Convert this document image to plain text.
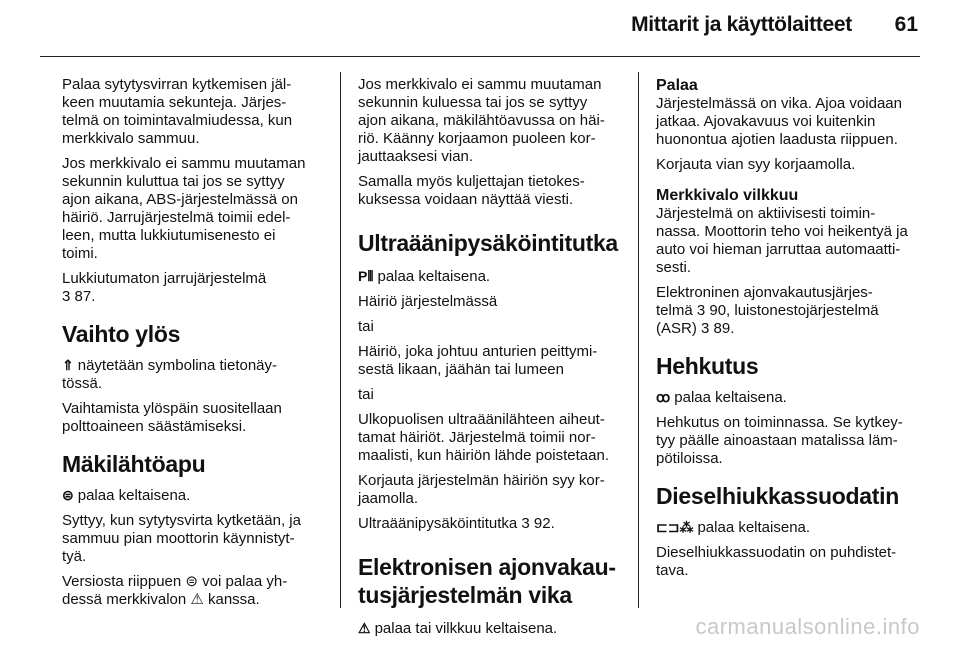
Mittarit ja käyttölaitteet 61

Palaa sytytysvirran kytkemisen jäl-
keen muutamia sekunteja. Järjes-
telmä on toimintavalmiudessa, kun
merkkivalo sammuu.

Jos merkkivalo ei sammu muutaman
sekunnin kuluttua tai jos se syttyy
ajon aikana, ABS-järjestelmässä on
häiriö. Jarrujärjestelmä toimii edel-
leen, mutta lukkiutumisenesto ei
toimi.

Lukkiutumaton jarrujärjestelmä
3 87.

Vaihto ylös

⇑ näytetään symbolina tietonäy-
tössä.

Vaihtamista ylöspäin suositellaan
polttoaineen säästämiseksi.

Mäkilähtöapu

⊜ palaa keltaisena.

Syttyy, kun sytytysvirta kytketään, ja
sammuu pian moottorin käynnistyt-
tyä.

Versiosta riippuen ⊜ voi palaa yh-
dessä merkkivalon ⚠ kanssa.

Jos merkkivalo ei sammu muutaman
sekunnin kuluessa tai jos se syttyy
ajon aikana, mäkilähtöavussa on häi-
riö. Käänny korjaamon puoleen kor-
jauttaaksesi vian.

Samalla myös kuljettajan tietokes-
kuksessa voidaan näyttää viesti.

Ultraäänipysäköintitutka

P⦀ palaa keltaisena.

Häiriö järjestelmässä

tai

Häiriö, joka johtuu anturien peittymi-
sestä likaan, jäähän tai lumeen

tai

Ulkopuolisen ultraäänilähteen aiheut-
tamat häiriöt. Järjestelmä toimii nor-
maalisti, kun häiriön lähde poistetaan.

Korjauta järjestelmän häiriön syy kor-
jaamolla.

Ultraäänipysäköintitutka 3 92.

Elektronisen ajonvakau-
tusjärjestelmän vika

⚠ palaa tai vilkkuu keltaisena.

Palaa

Järjestelmässä on vika. Ajoa voidaan
jatkaa. Ajovakavuus voi kuitenkin
huonontua ajotien laadusta riippuen.

Korjauta vian syy korjaamolla.

Merkkivalo vilkkuu

Järjestelmä on aktiivisesti toimin-
nassa. Moottorin teho voi heikentyä ja
auto voi hieman jarruttaa automaatti-
sesti.

Elektroninen ajonvakautusjärjes-
telmä 3 90, luistonestojärjestelmä
(ASR) 3 89.

Hehkutus

ꝏ palaa keltaisena.

Hehkutus on toiminnassa. Se kytkey-
tyy päälle ainoastaan matalissa läm-
pötiloissa.

Dieselhiukkassuodatin

⊏⊐⁂ palaa keltaisena.

Dieselhiukkassuodatin on puhdistet-
tava.

carmanualsonline.info
